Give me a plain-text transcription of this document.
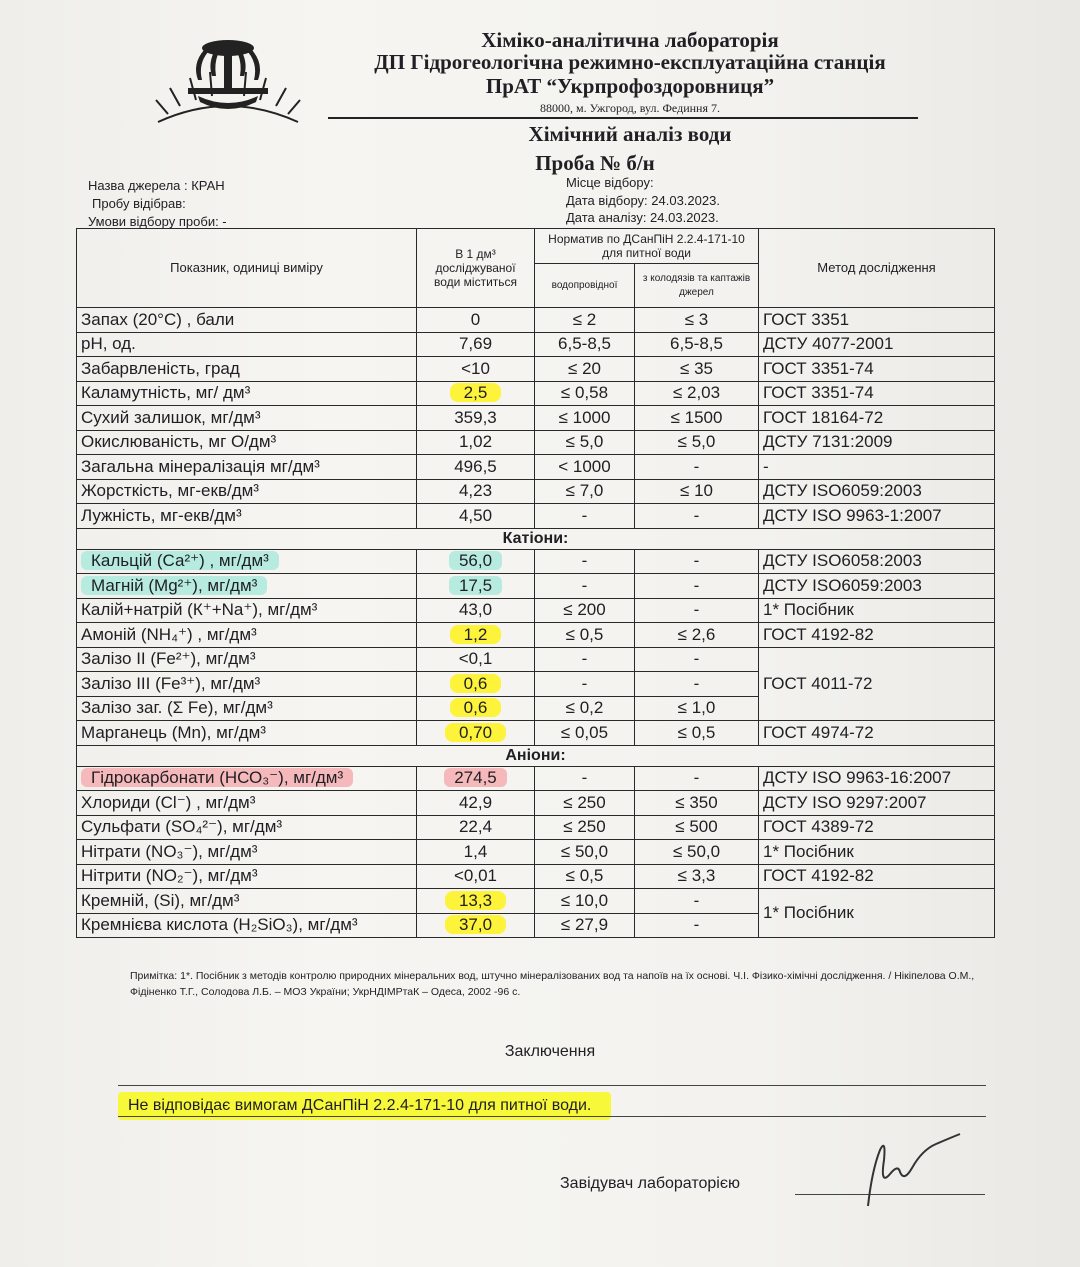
Хіміко-аналітична лабораторія
ДП Гідрогеологічна режимно-експлуатаційна станція
ПрАТ “Укрпрофоздоровниця”
88000, м. Ужгород, вул. Фединня 7.
Хімічний аналіз води
Проба № б/н
Назва джерела : КРАН
Пробу відібрав:
Умови відбору проби: -
Місце відбору:
Дата відбору: 24.03.2023.
Дата аналізу: 24.03.2023.
Показник, одиниці виміру	В 1 дм³ досліджуваної води міститься	Норматив по ДСанПіН 2.2.4-171-10 для питної води		Метод дослідження
		водопровідної	з колодязів та каптажів джерел	
Запах (20°С) , бали	0	≤ 2	≤ 3	ГОСТ 3351
рН, од.	7,69	6,5-8,5	6,5-8,5	ДСТУ 4077-2001
Забарвленість, град	<10	≤ 20	≤ 35	ГОСТ 3351-74
Каламутність, мг/ дм³	2,5	≤ 0,58	≤ 2,03	ГОСТ 3351-74
Сухий залишок, мг/дм³	359,3	≤ 1000	≤ 1500	ГОСТ 18164-72
Окислюваність, мг О/дм³	1,02	≤ 5,0	≤ 5,0	ДСТУ 7131:2009
Загальна мінералізація мг/дм³	496,5	< 1000	-	-
Жорсткість, мг-екв/дм³	4,23	≤ 7,0	≤ 10	ДСТУ ISO6059:2003
Лужність, мг-екв/дм³	4,50	-	-	ДСТУ ISO 9963-1:2007
Катіони:				
Кальцій (Са²⁺) , мг/дм³	56,0	-	-	ДСТУ ISO6058:2003
Магній (Mg²⁺), мг/дм³	17,5	-	-	ДСТУ ISO6059:2003
Калій+натрій (К⁺+Na⁺), мг/дм³	43,0	≤ 200	-	1* Посібник
Амоній (NH₄⁺) , мг/дм³	1,2	≤ 0,5	≤ 2,6	ГОСТ 4192-82
Залізо II (Fe²⁺), мг/дм³	<0,1	-	-	ГОСТ 4011-72
Залізо III (Fe³⁺), мг/дм³	0,6	-	-	
Залізо заг. (Σ Fe), мг/дм³	0,6	≤ 0,2	≤ 1,0	
Марганець (Mn), мг/дм³	0,70	≤ 0,05	≤ 0,5	ГОСТ 4974-72
Аніони:				
Гідрокарбонати (НСО₃⁻), мг/дм³	274,5	-	-	ДСТУ ISO 9963-16:2007
Хлориди (Cl⁻) , мг/дм³	42,9	≤ 250	≤ 350	ДСТУ ISO 9297:2007
Сульфати (SO₄²⁻), мг/дм³	22,4	≤ 250	≤ 500	ГОСТ 4389-72
Нітрати (NO₃⁻), мг/дм³	1,4	≤ 50,0	≤ 50,0	1* Посібник
Нітрити (NO₂⁻), мг/дм³	<0,01	≤ 0,5	≤ 3,3	ГОСТ 4192-82
Кремній, (Si), мг/дм³	13,3	≤ 10,0	-	1* Посібник
Кремнієва кислота (H₂SiO₃), мг/дм³	37,0	≤ 27,9	-	
Примітка: 1*. Посібник з методів контролю природних мінеральних вод, штучно мінералізованих вод та напоїв на їх основі. Ч.І. Фізико-хімічні дослідження. / Нікіпелова О.М., Фідіненко Т.Г., Солодова Л.Б. – МОЗ України; УкрНДІМРтаК – Одеса, 2002 -96 с.
Заключення
Не відповідає вимогам ДСанПіН 2.2.4-171-10 для питної води.
Завідувач лабораторією
